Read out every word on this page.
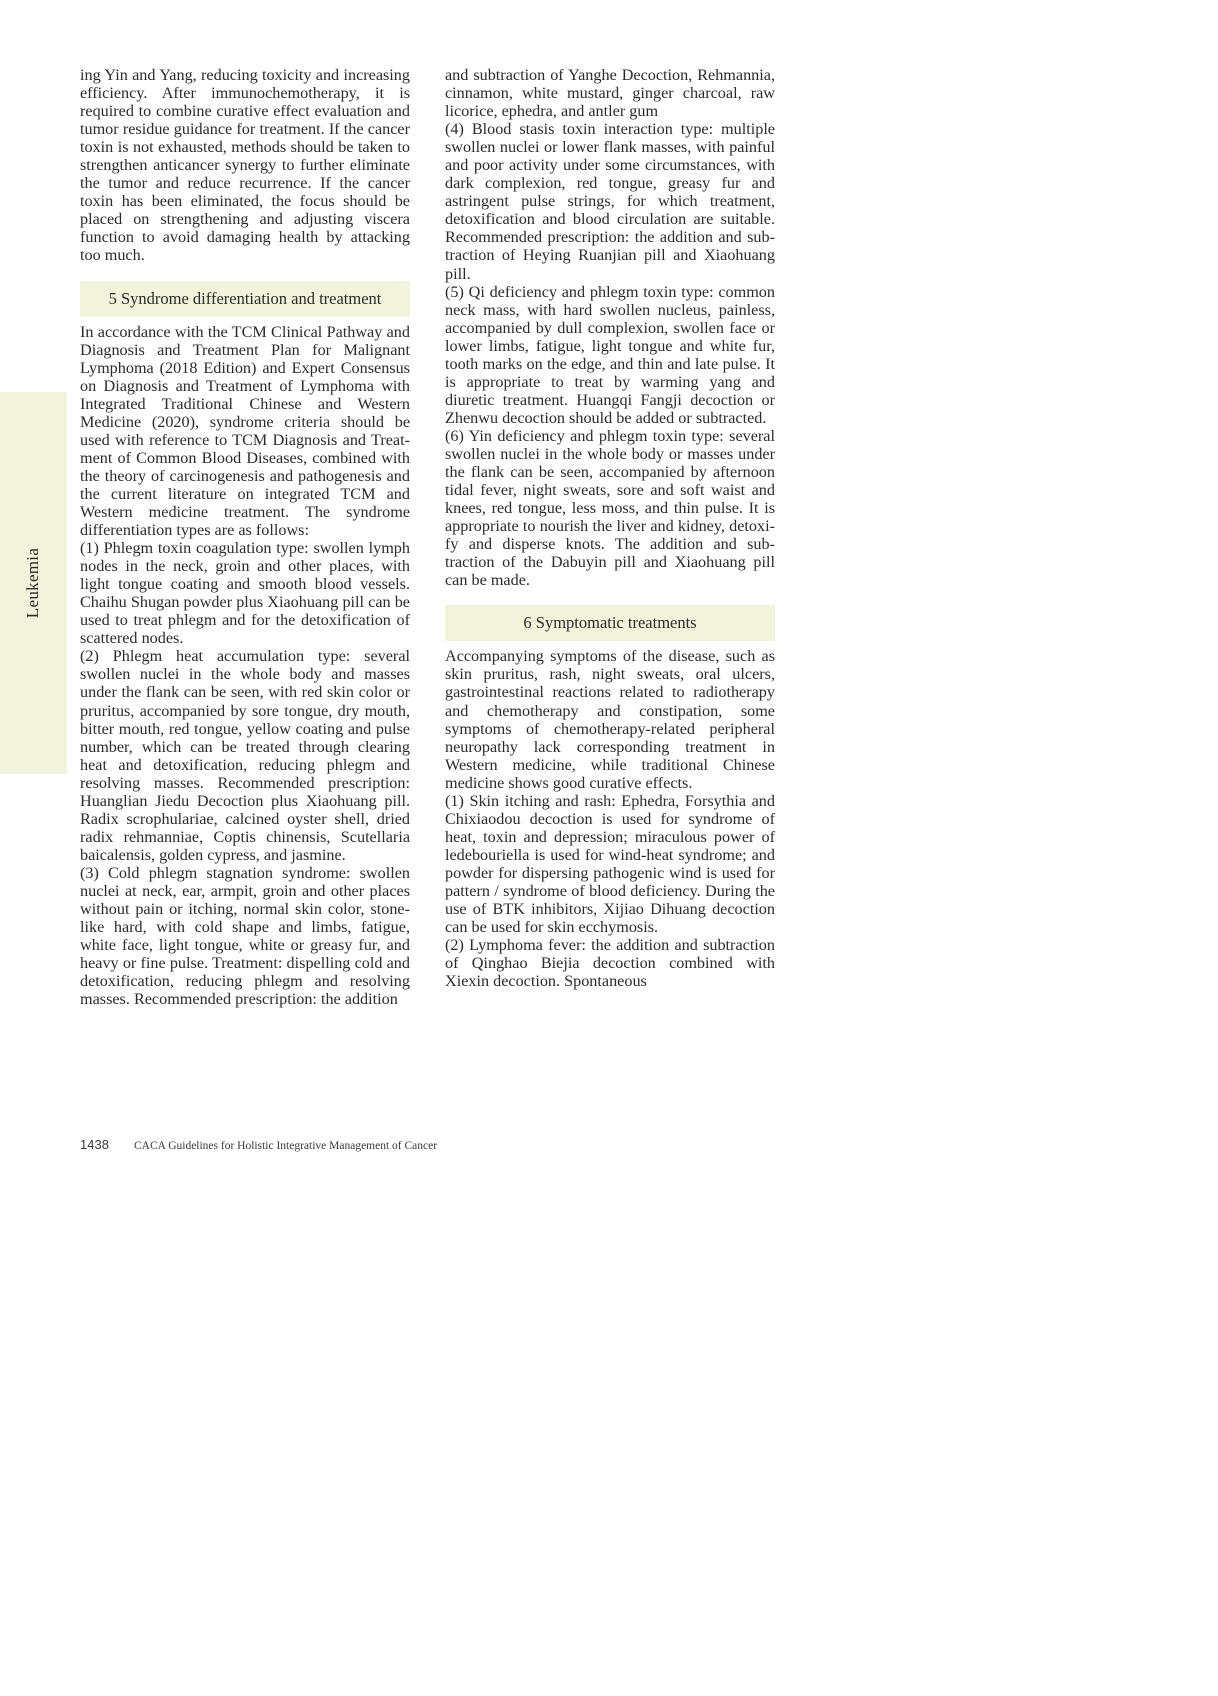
Leukemia

ing Yin and Yang, reducing toxicity and increasing efficiency. After immunochemotherapy, it is required to combine curative effect evaluation and tumor residue guidance for treatment. If the cancer toxin is not exhausted, methods should be taken to strengthen anticancer synergy to further eliminate the tumor and reduce recurrence. If the cancer toxin has been eliminated, the focus should be placed on strengthening and adjusting viscera function to avoid damaging health by attacking too much.

5 Syndrome differentiation and treatment

In accordance with the TCM Clinical Pathway and Diagnosis and Treatment Plan for Malignant Lymphoma (2018 Edition) and Expert Consensus on Diagnosis and Treatment of Lymphoma with Integrated Traditional Chinese and Western Medicine (2020), syndrome criteria should be used with reference to TCM Diagnosis and Treatment of Common Blood Diseases, combined with the theory of carcinogenesis and pathogenesis and the current literature on integrated TCM and Western medicine treatment. The syndrome differentiation types are as follows:

(1) Phlegm toxin coagulation type: swollen lymph nodes in the neck, groin and other places, with light tongue coating and smooth blood vessels. Chaihu Shugan powder plus Xiaohuang pill can be used to treat phlegm and for the detoxification of scattered nodes.

(2) Phlegm heat accumulation type: several swollen nuclei in the whole body and masses under the flank can be seen, with red skin color or pruritus, accompanied by sore tongue, dry mouth, bitter mouth, red tongue, yellow coating and pulse number, which can be treated through clearing heat and detoxification, reducing phlegm and resolving masses. Recommended prescription: Huanglian Jiedu Decoction plus Xiaohuang pill. Radix scrophulariae, calcined oyster shell, dried radix rehmanniae, Coptis chinensis, Scutellaria baicalensis, golden cypress, and jasmine.

(3) Cold phlegm stagnation syndrome: swollen nuclei at neck, ear, armpit, groin and other places without pain or itching, normal skin color, stone-like hard, with cold shape and limbs, fatigue, white face, light tongue, white or greasy fur, and heavy or fine pulse. Treatment: dispelling cold and detoxification, reducing phlegm and resolving masses. Recommended prescription: the addition

and subtraction of Yanghe Decoction, Rehmannia, cinnamon, white mustard, ginger charcoal, raw licorice, ephedra, and antler gum

(4) Blood stasis toxin interaction type: multiple swollen nuclei or lower flank masses, with painful and poor activity under some circumstances, with dark complexion, red tongue, greasy fur and astringent pulse strings, for which treatment, detoxification and blood circulation are suitable. Recommended prescription: the addition and subtraction of Heying Ruanjian pill and Xiaohuang pill.

(5) Qi deficiency and phlegm toxin type: common neck mass, with hard swollen nucleus, painless, accompanied by dull complexion, swollen face or lower limbs, fatigue, light tongue and white fur, tooth marks on the edge, and thin and late pulse. It is appropriate to treat by warming yang and diuretic treatment. Huangqi Fangji decoction or Zhenwu decoction should be added or subtracted.

(6) Yin deficiency and phlegm toxin type: several swollen nuclei in the whole body or masses under the flank can be seen, accompanied by afternoon tidal fever, night sweats, sore and soft waist and knees, red tongue, less moss, and thin pulse. It is appropriate to nourish the liver and kidney, detoxify and disperse knots. The addition and subtraction of the Dabuyin pill and Xiaohuang pill can be made.

6 Symptomatic treatments

Accompanying symptoms of the disease, such as skin pruritus, rash, night sweats, oral ulcers, gastrointestinal reactions related to radiotherapy and chemotherapy and constipation, some symptoms of chemotherapy-related peripheral neuropathy lack corresponding treatment in Western medicine, while traditional Chinese medicine shows good curative effects.

(1) Skin itching and rash: Ephedra, Forsythia and Chixiaodou decoction is used for syndrome of heat, toxin and depression; miraculous power of ledebouriella is used for wind-heat syndrome; and powder for dispersing pathogenic wind is used for pattern / syndrome of blood deficiency. During the use of BTK inhibitors, Xijiao Dihuang decoction can be used for skin ecchymosis.

(2) Lymphoma fever: the addition and subtraction of Qinghao Biejia decoction combined with Xiexin decoction. Spontaneous

1438 CACA Guidelines for Holistic Integrative Management of Cancer
